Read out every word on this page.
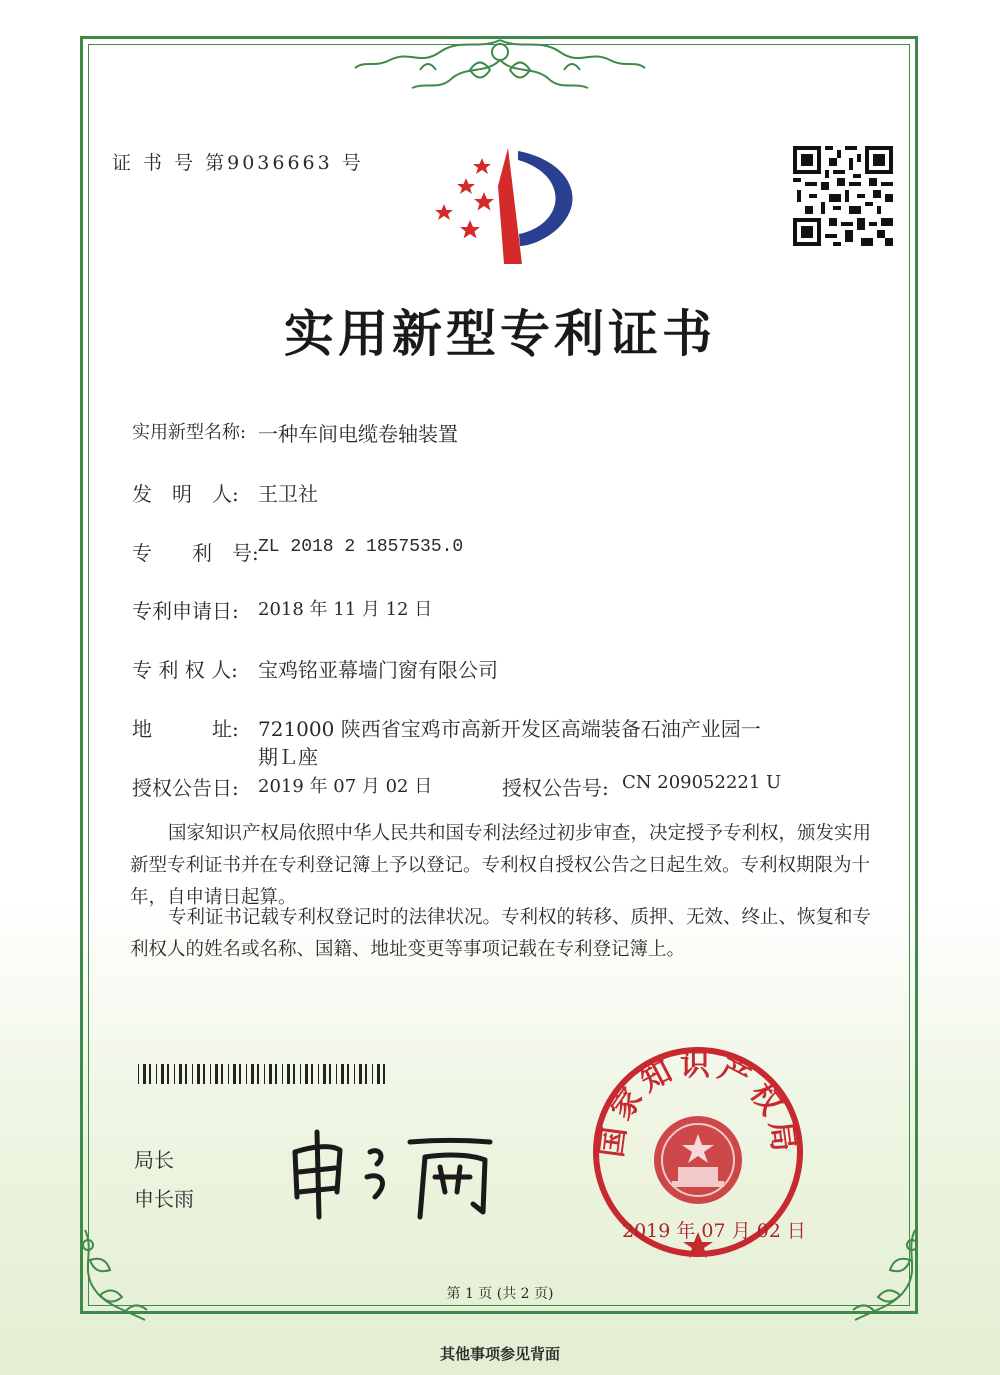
证 书 号 第9036663 号
实用新型专利证书
实用新型名称: 一种车间电缆卷轴装置
发　明　人: 王卫社
专　　利　号: ZL 2018 2 1857535.0
专利申请日: 2018 年 11 月 12 日
专 利 权 人: 宝鸡铭亚幕墙门窗有限公司
地　　　址: 721000 陕西省宝鸡市高新开发区高端装备石油产业园一
期Ｌ座
授权公告日: 2019 年 07 月 02 日	授权公告号: CN 209052221 U
国家知识产权局依照中华人民共和国专利法经过初步审查，决定授予专利权，颁发实用
新型专利证书并在专利登记簿上予以登记。专利权自授权公告之日起生效。专利权期限为十
年，自申请日起算。
专利证书记载专利权登记时的法律状况。专利权的转移、质押、无效、终止、恢复和专
利权人的姓名或名称、国籍、地址变更等事项记载在专利登记簿上。
局长
申长雨
国家知识产权局
2019 年 07 月 02 日
第 1 页 (共 2 页)
其他事项参见背面
